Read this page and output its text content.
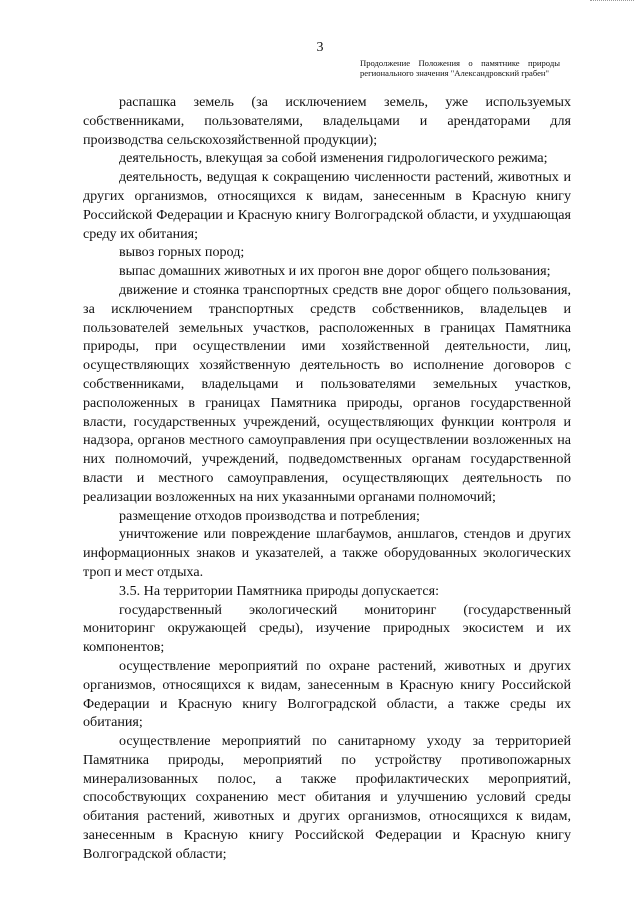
3
Продолжение Положения о памятнике природы регионального значения "Александровский грабен"

распашка земель (за исключением земель, уже используемых собственниками, пользователями, владельцами и арендаторами для производства сельскохозяйственной продукции);

деятельность, влекущая за собой изменения гидрологического режима;

деятельность, ведущая к сокращению численности растений, животных и других организмов, относящихся к видам, занесенным в Красную книгу Российской Федерации и Красную книгу Волгоградской области, и ухудшающая среду их обитания;

вывоз горных пород;

выпас домашних животных и их прогон вне дорог общего пользования;

движение и стоянка транспортных средств вне дорог общего пользования, за исключением транспортных средств собственников, владельцев и пользователей земельных участков, расположенных в границах Памятника природы, при осуществлении ими хозяйственной деятельности, лиц, осуществляющих хозяйственную деятельность во исполнение договоров с собственниками, владельцами и пользователями земельных участков, расположенных в границах Памятника природы, органов государственной власти, государственных учреждений, осуществляющих функции контроля и надзора, органов местного самоуправления при осуществлении возложенных на них полномочий, учреждений, подведомственных органам государственной власти и местного самоуправления, осуществляющих деятельность по реализации возложенных на них указанными органами полномочий;

размещение отходов производства и потребления;

уничтожение или повреждение шлагбаумов, аншлагов, стендов и других информационных знаков и указателей, а также оборудованных экологических троп и мест отдыха.

3.5. На территории Памятника природы допускается:

государственный экологический мониторинг (государственный мониторинг окружающей среды), изучение природных экосистем и их компонентов;

осуществление мероприятий по охране растений, животных и других организмов, относящихся к видам, занесенным в Красную книгу Российской Федерации и Красную книгу Волгоградской области, а также среды их обитания;

осуществление мероприятий по санитарному уходу за территорией Памятника природы, мероприятий по устройству противопожарных минерализованных полос, а также профилактических мероприятий, способствующих сохранению мест обитания и улучшению условий среды обитания растений, животных и других организмов, относящихся к видам, занесенным в Красную книгу Российской Федерации и Красную книгу Волгоградской области;
